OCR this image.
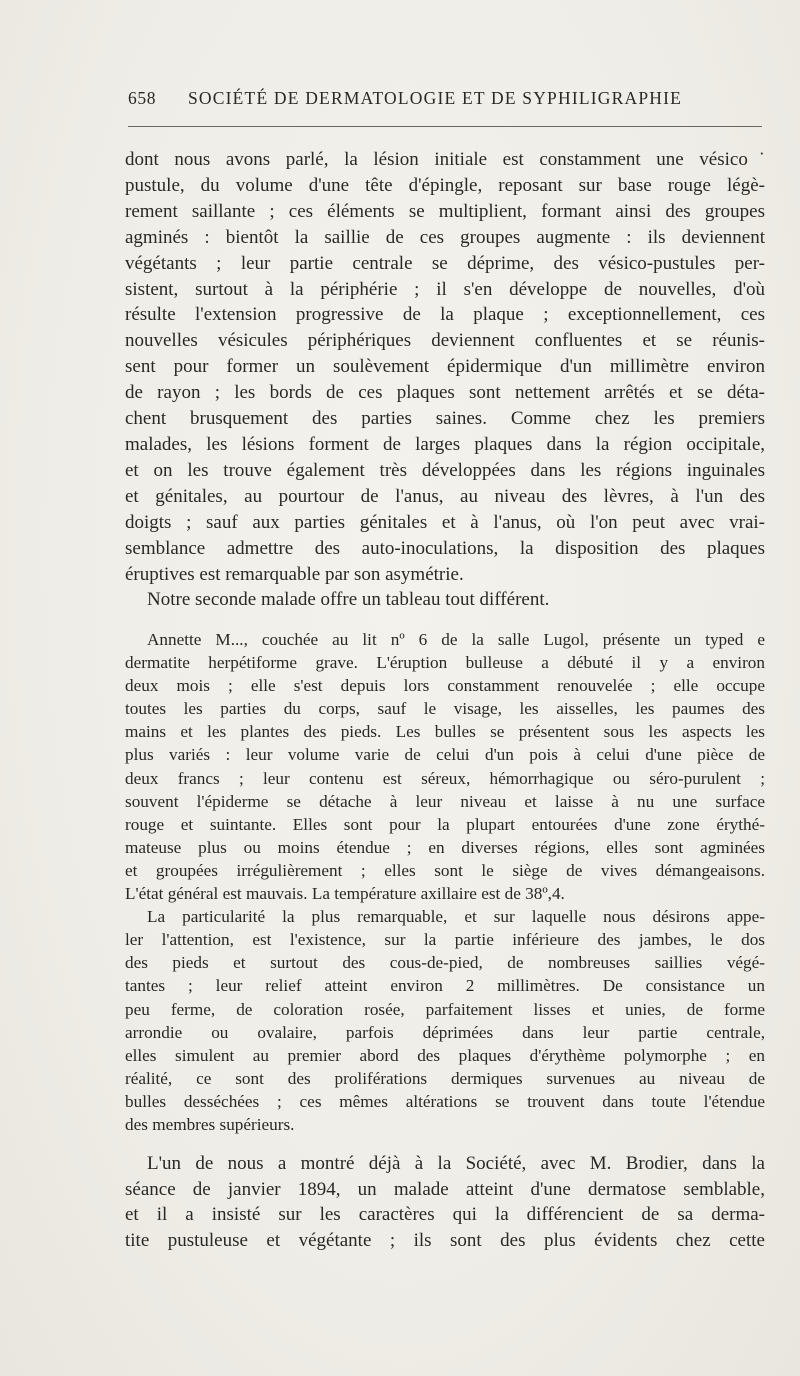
658 SOCIÉTÉ DE DERMATOLOGIE ET DE SYPHILIGRAPHIE
dont nous avons parlé, la lésion initiale est constamment une vésico˙
pustule, du volume d'une tête d'épingle, reposant sur base rouge légè-
rement saillante ; ces éléments se multiplient, formant ainsi des groupes
agminés : bientôt la saillie de ces groupes augmente : ils deviennent
végétants ; leur partie centrale se déprime, des vésico-pustules per-
sistent, surtout à la périphérie ; il s'en développe de nouvelles, d'où
résulte l'extension progressive de la plaque ; exceptionnellement, ces
nouvelles vésicules périphériques deviennent confluentes et se réunis-
sent pour former un soulèvement épidermique d'un millimètre environ
de rayon ; les bords de ces plaques sont nettement arrêtés et se déta-
chent brusquement des parties saines. Comme chez les premiers
malades, les lésions forment de larges plaques dans la région occipitale,
et on les trouve également très développées dans les régions inguinales
et génitales, au pourtour de l'anus, au niveau des lèvres, à l'un des
doigts ; sauf aux parties génitales et à l'anus, où l'on peut avec vrai-
semblance admettre des auto-inoculations, la disposition des plaques
éruptives est remarquable par son asymétrie.
Notre seconde malade offre un tableau tout différent.
Annette M..., couchée au lit nº 6 de la salle Lugol, présente un typed e
dermatite herpétiforme grave. L'éruption bulleuse a débuté il y a environ
deux mois ; elle s'est depuis lors constamment renouvelée ; elle occupe
toutes les parties du corps, sauf le visage, les aisselles, les paumes des
mains et les plantes des pieds. Les bulles se présentent sous les aspects les
plus variés : leur volume varie de celui d'un pois à celui d'une pièce de
deux francs ; leur contenu est séreux, hémorrhagique ou séro-purulent ;
souvent l'épiderme se détache à leur niveau et laisse à nu une surface
rouge et suintante. Elles sont pour la plupart entourées d'une zone érythé-
mateuse plus ou moins étendue ; en diverses régions, elles sont agminées
et groupées irrégulièrement ; elles sont le siège de vives démangeaisons.
L'état général est mauvais. La température axillaire est de 38º,4.
La particularité la plus remarquable, et sur laquelle nous désirons appe-
ler l'attention, est l'existence, sur la partie inférieure des jambes, le dos
des pieds et surtout des cous-de-pied, de nombreuses saillies végé-
tantes ; leur relief atteint environ 2 millimètres. De consistance un
peu ferme, de coloration rosée, parfaitement lisses et unies, de forme
arrondie ou ovalaire, parfois déprimées dans leur partie centrale,
elles simulent au premier abord des plaques d'érythème polymorphe ; en
réalité, ce sont des proliférations dermiques survenues au niveau de
bulles desséchées ; ces mêmes altérations se trouvent dans toute l'étendue
des membres supérieurs.
L'un de nous a montré déjà à la Société, avec M. Brodier, dans la
séance de janvier 1894, un malade atteint d'une dermatose semblable,
et il a insisté sur les caractères qui la différencient de sa derma-
tite pustuleuse et végétante ; ils sont des plus évidents chez cette
